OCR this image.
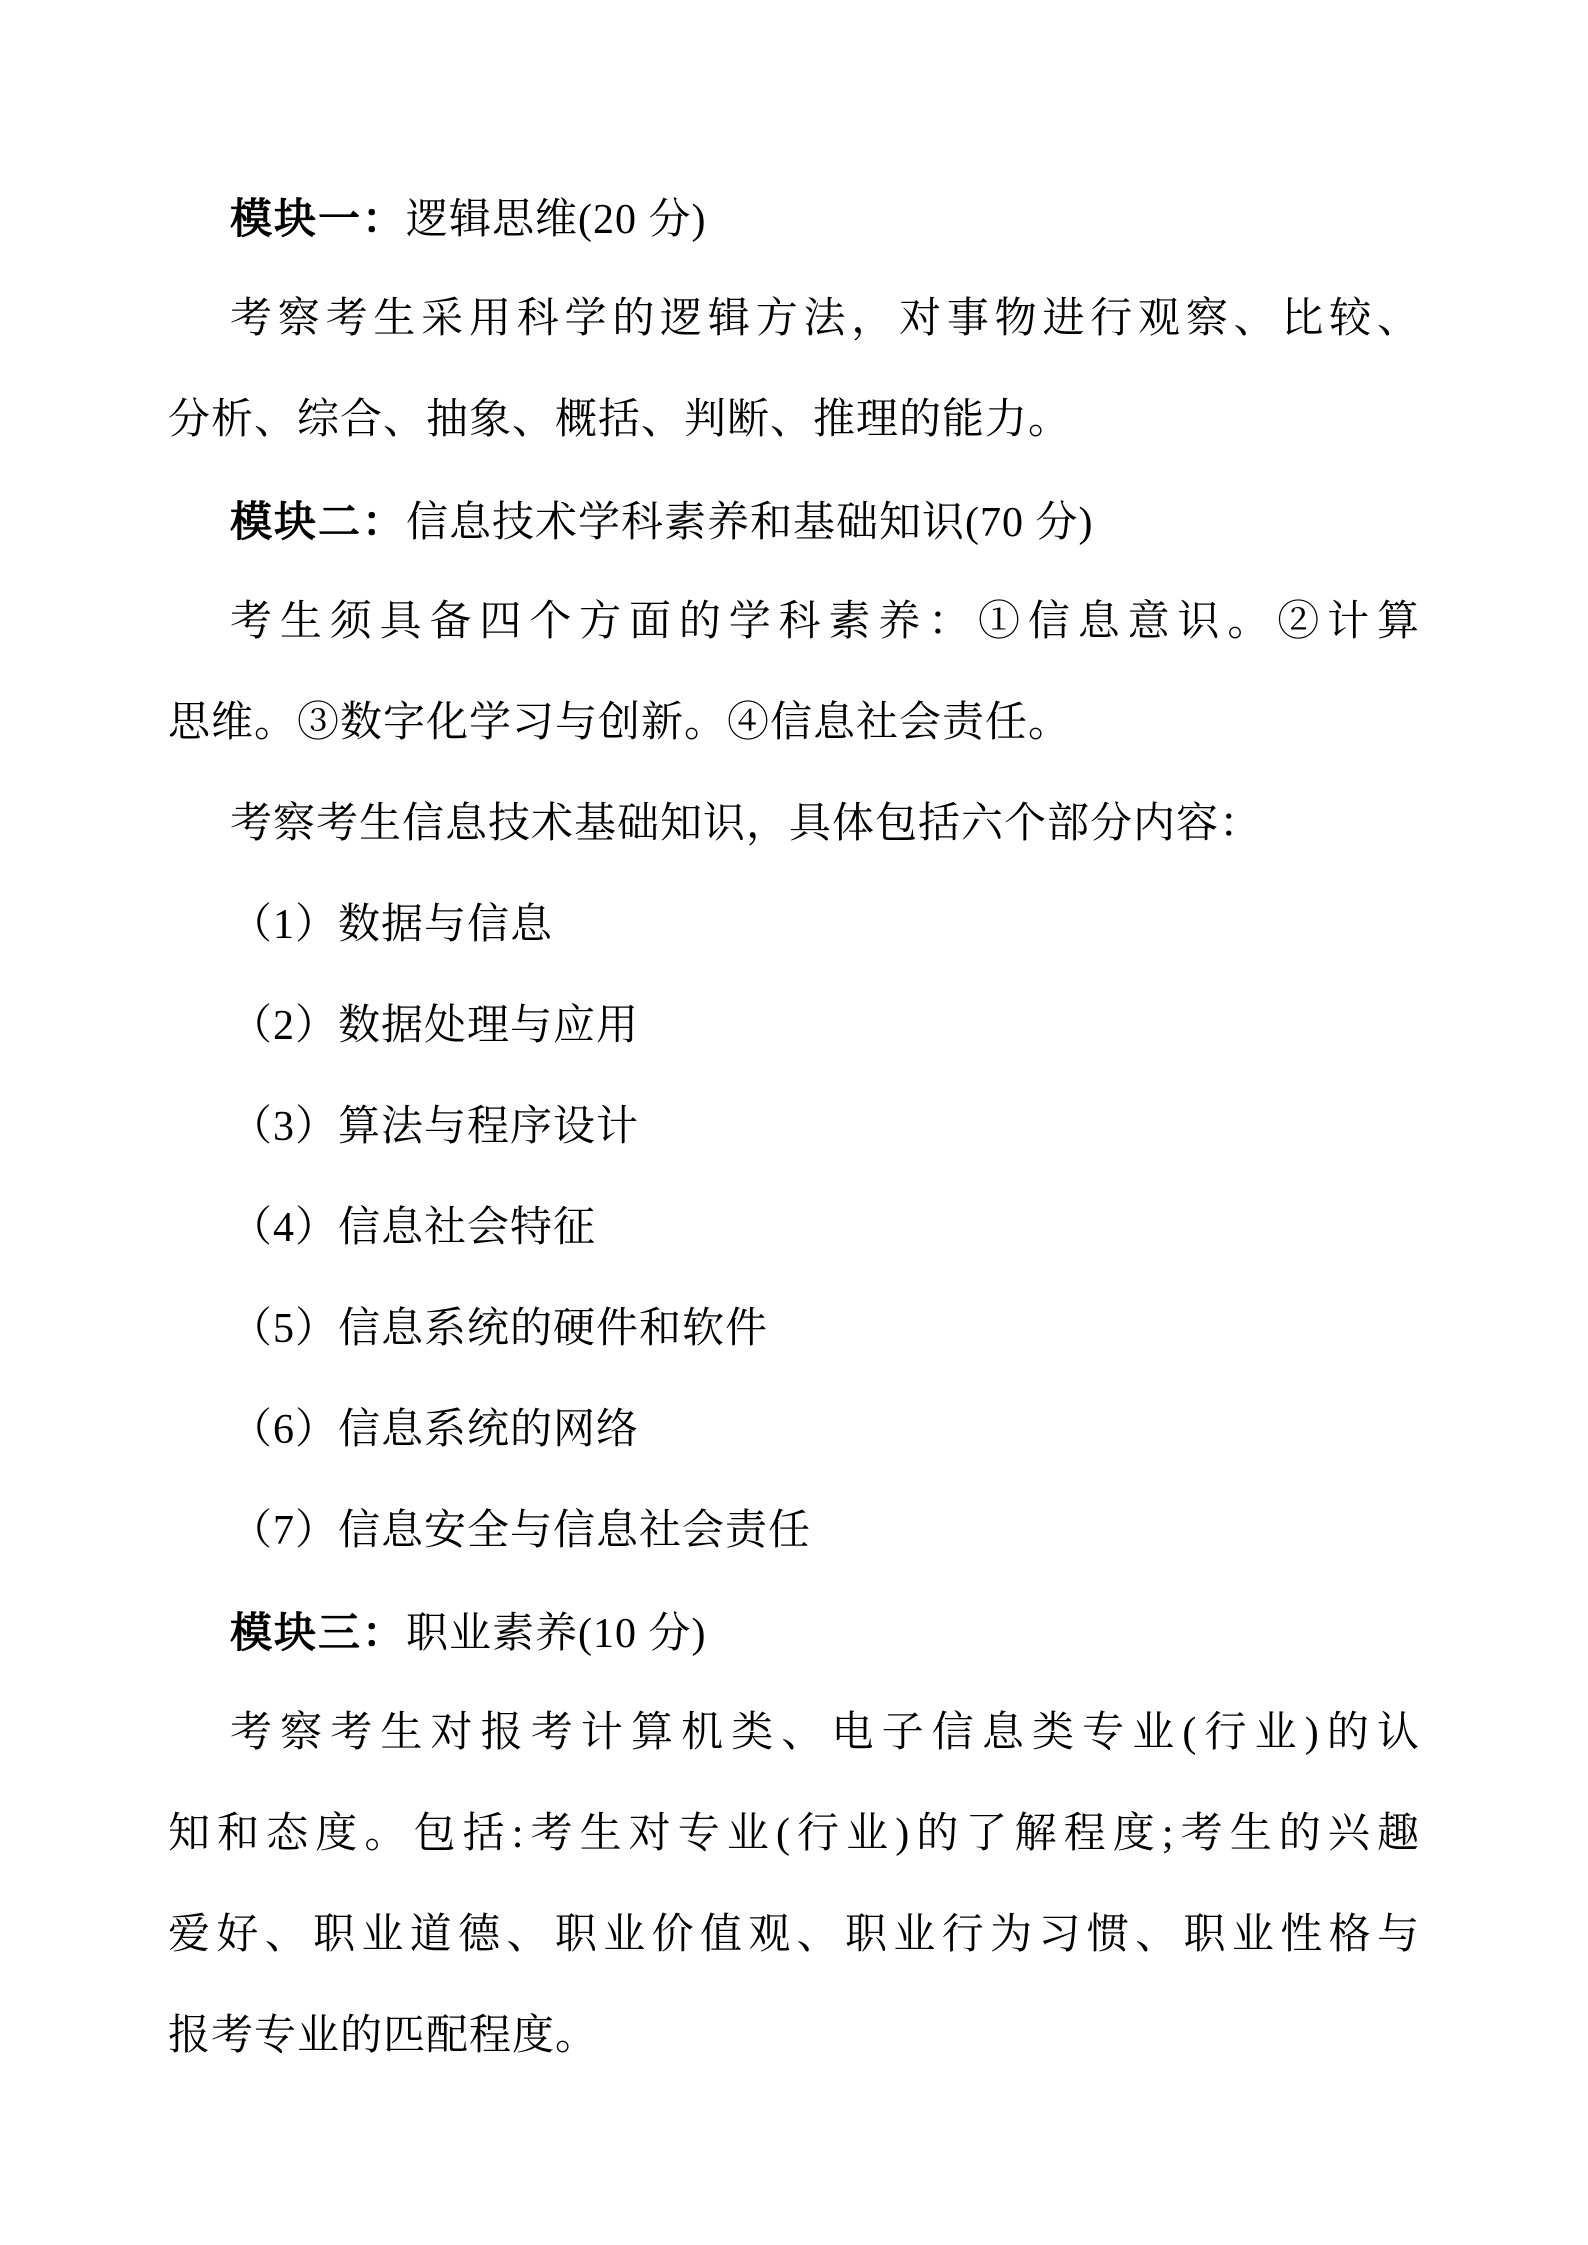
模块一：逻辑思维(20 分)
考察考生采用科学的逻辑方法，对事物进行观察、比较、
分析、综合、抽象、概括、判断、推理的能力。
模块二：信息技术学科素养和基础知识(70 分)
考生须具备四个方面的学科素养：①信息意识。②计算
思维。③数字化学习与创新。④信息社会责任。
考察考生信息技术基础知识，具体包括六个部分内容：
（1）数据与信息
（2）数据处理与应用
（3）算法与程序设计
（4）信息社会特征
（5）信息系统的硬件和软件
（6）信息系统的网络
（7）信息安全与信息社会责任
模块三：职业素养(10 分)
考察考生对报考计算机类、电子信息类专业(行业)的认
知和态度。包括:考生对专业(行业)的了解程度;考生的兴趣
爱好、职业道德、职业价值观、职业行为习惯、职业性格与
报考专业的匹配程度。
